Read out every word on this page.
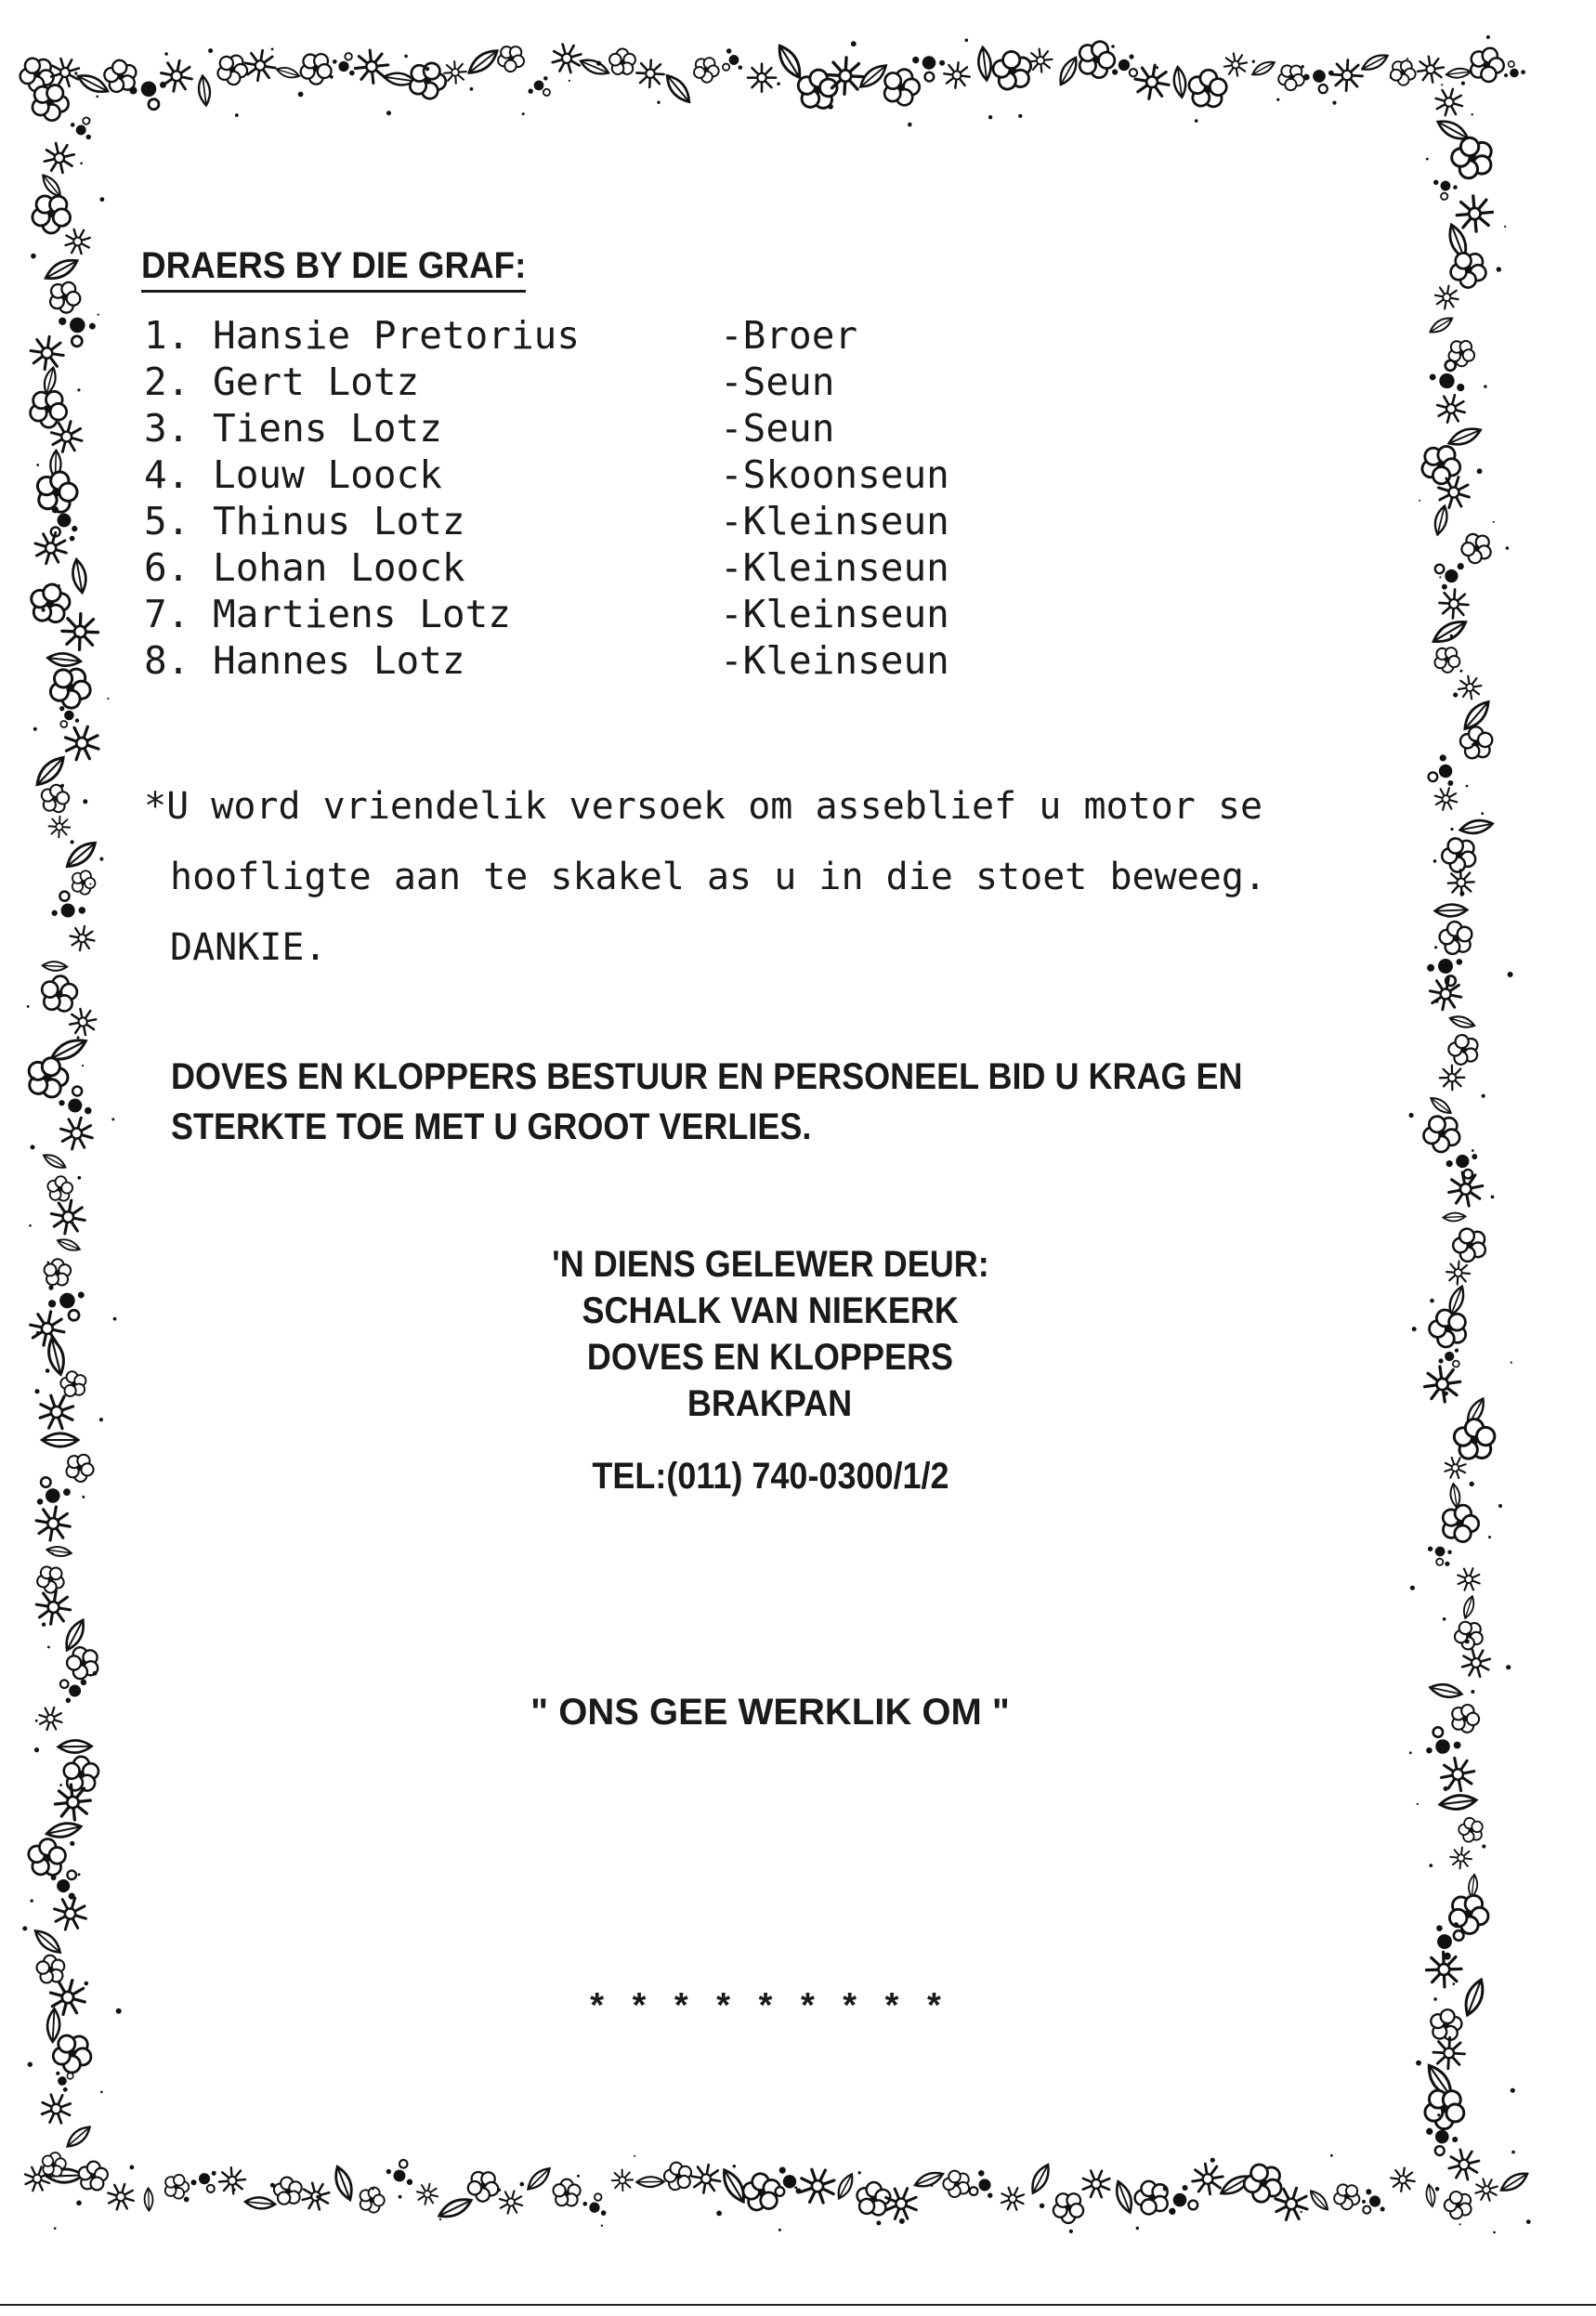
DRAERS BY DIE GRAF:
1. Hansie Pretorius	-Broer
2. Gert Lotz	-Seun
3. Tiens Lotz	-Seun
4. Louw Loock	-Skoonseun
5. Thinus Lotz	-Kleinseun
6. Lohan Loock	-Kleinseun
7. Martiens Lotz	-Kleinseun
8. Hannes Lotz	-Kleinseun
*U word vriendelik versoek om asseblief u motor se
hoofligte aan te skakel as u in die stoet beweeg.
DANKIE.
DOVES EN KLOPPERS BESTUUR EN PERSONEEL BID U KRAG EN
STERKTE TOE MET U GROOT VERLIES.
'N DIENS GELEWER DEUR:
SCHALK VAN NIEKERK
DOVES EN KLOPPERS
BRAKPAN
TEL:(011) 740-0300/1/2
" ONS GEE WERKLIK OM "
* * * * * * * * *
